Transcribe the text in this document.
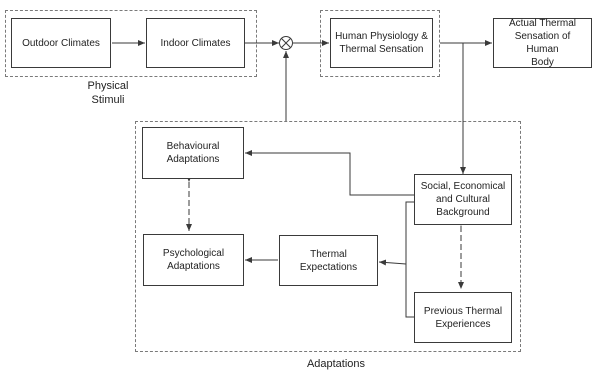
Outdoor Climates	Indoor Climates
Human Physiology &
Thermal Sensation
Actual Thermal
Sensation of Human
Body
Behavioural
Adaptations
Social, Economical
and Cultural
Background
Psychological
Adaptations
Thermal
Expectations
Previous Thermal
Experiences
Physical
Stimuli
Adaptations
